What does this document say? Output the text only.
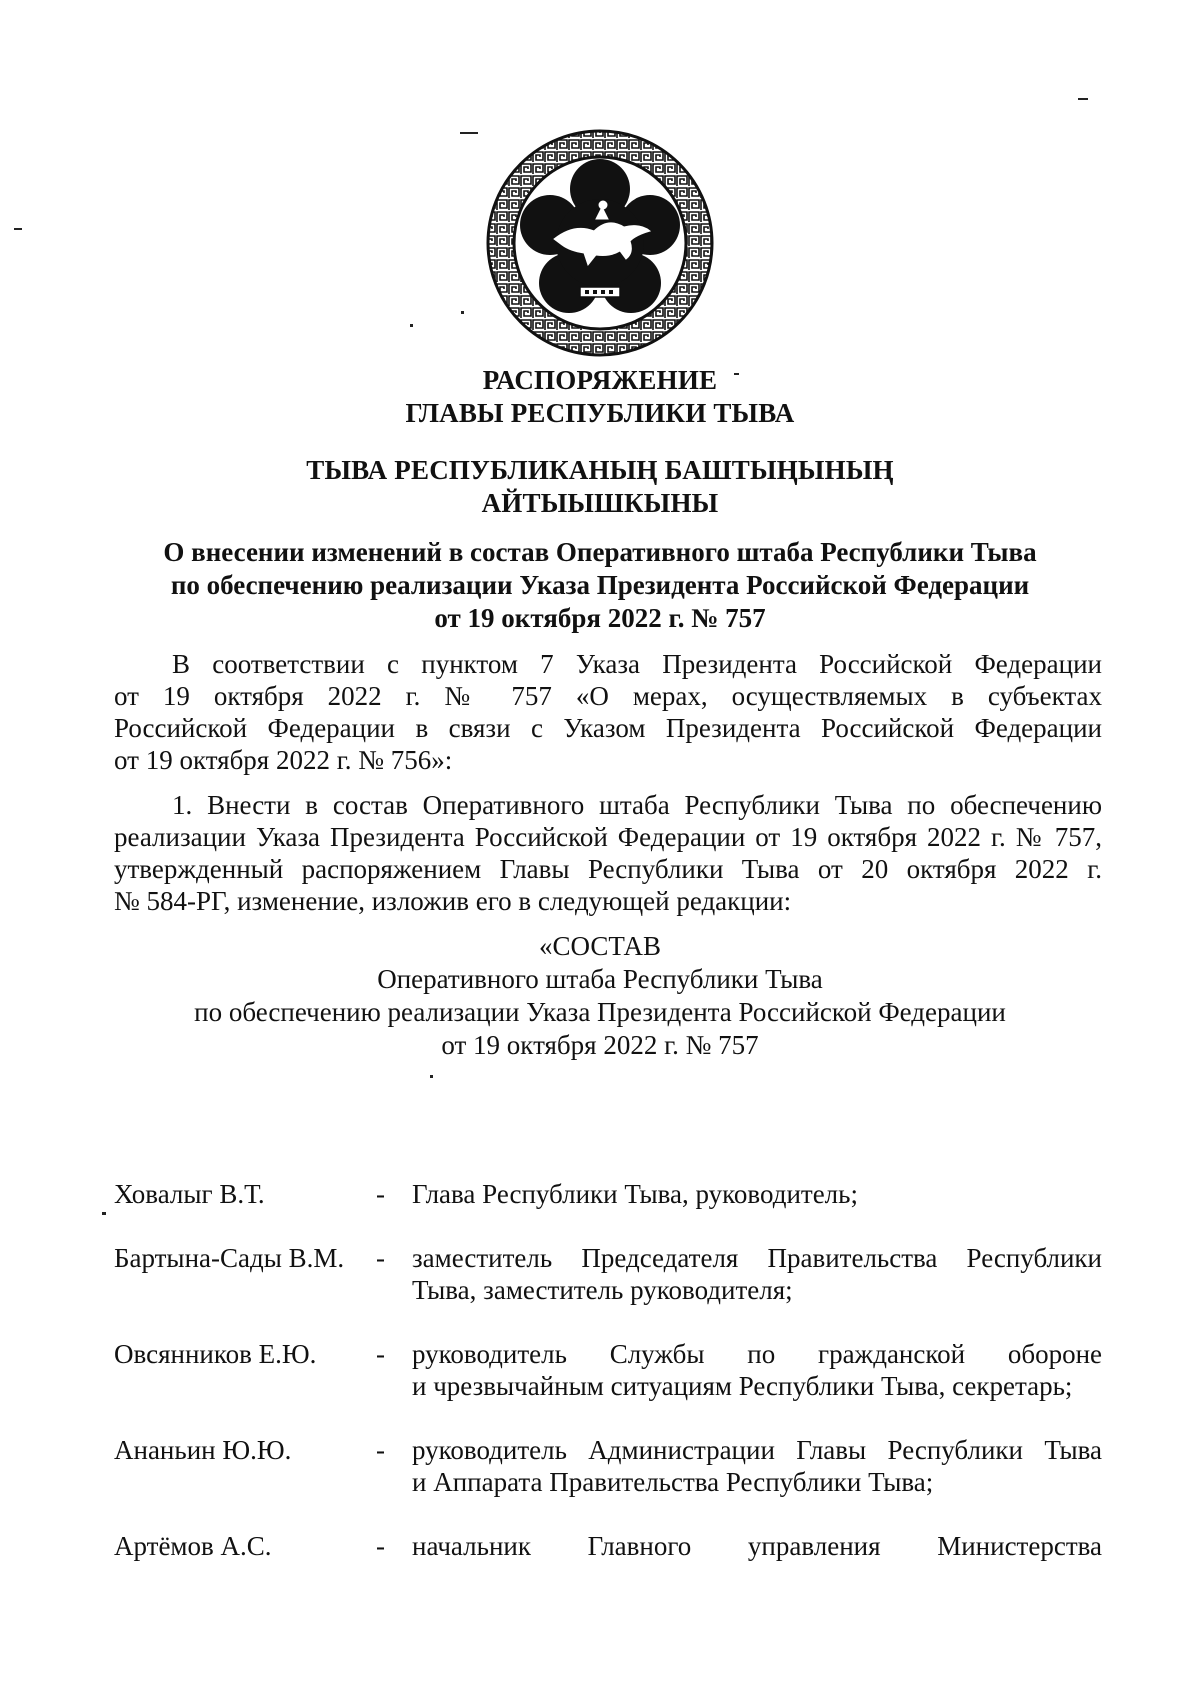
РАСПОРЯЖЕНИЕ
ГЛАВЫ РЕСПУБЛИКИ ТЫВА
ТЫВА РЕСПУБЛИКАНЫҢ БАШТЫҢЫНЫҢ
АЙТЫЫШКЫНЫ
О внесении изменений в состав Оперативного штаба Республики Тыва
по обеспечению реализации Указа Президента Российской Федерации
от 19 октября 2022 г. № 757
В соответствии с пунктом 7 Указа Президента Российской Федерации
от 19 октября 2022 г. № 757 «О мерах, осуществляемых в субъектах
Российской Федерации в связи с Указом Президента Российской Федерации
от 19 октября 2022 г. № 756»:
1. Внести в состав Оперативного штаба Республики Тыва по обеспечению
реализации Указа Президента Российской Федерации от 19 октября 2022 г. № 757,
утвержденный распоряжением Главы Республики Тыва от 20 октября 2022 г.
№ 584-РГ, изменение, изложив его в следующей редакции:
«СОСТАВ
Оперативного штаба Республики Тыва
по обеспечению реализации Указа Президента Российской Федерации
от 19 октября 2022 г. № 757
Ховалыг В.Т.	-	Глава Республики Тыва, руководитель;
Бартына-Сады В.М.	-	заместитель Председателя Правительства Республики
Тыва, заместитель руководителя;
Овсянников Е.Ю.	-	руководитель Службы по гражданской обороне
и чрезвычайным ситуациям Республики Тыва, секретарь;
Ананьин Ю.Ю.	-	руководитель Администрации Главы Республики Тыва
и Аппарата Правительства Республики Тыва;
Артёмов А.С.	-	начальник Главного управления Министерства
